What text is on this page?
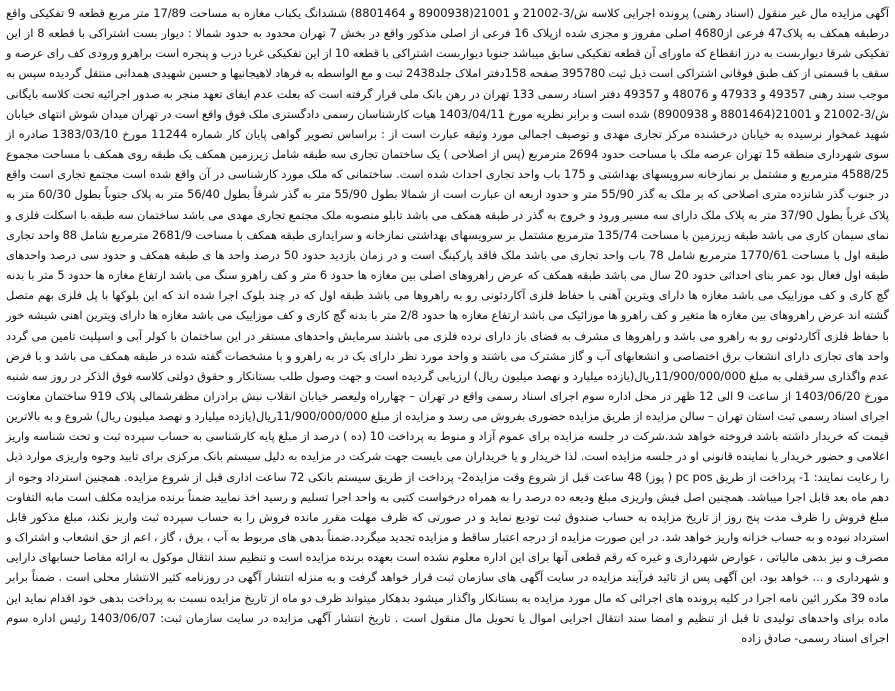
آگهی مزایده مال غیر منقول (اسناد رهنی) پرونده اجرایی کلاسه ش/3-21002 و 21001(8900938 و 8801464) ششدانگ یکباب مغازه به مساحت 17/89 متر مربع قطعه 9 تفکیکی واقع درطبقه همکف به پلاک47 فرعی از4680 اصلی مفروز و مجزی شده ازپلاک 16 فرعی از اصلی مذکور واقع در بخش 7 تهران محدود به حدود شمالا : دیوار بست اشتراکی با قطعه 8 از این تفکیکی شرقا دیواربست به درز انقطاع که ماورای آن قطعه تفکیکی سابق میباشد جنوبا دیواربست اشتراکی با قطعه 10 از این تفکیکی غربا درب و پنجره است براهرو ورودی کف رای عرصه و سقف با قسمتی از کف طبق فوقانی اشتراکی است ذیل ثبت 395780 صفحه 158دفتر املاک جلد2438 ثبت و مع الواسطه به فرهاد لاهیجانیها و حسین شهیدی همدانی منتقل گردیده سپس به موجب سند رهنی 49357 و 47933 و 48076 و 49357 دفتر اسناد رسمی 133 تهران در رهن بانک ملی قرار گرفته است که بعلت عدم ایفای تعهد منجر به صدور اجرائیه تحت کلاسه بایگانی ش/3-21002 و 21001(8801464 و 8900938) شده است و برابر نظریه مورخ 1403/04/11 هیات کارشناسان رسمی دادگستری ملک فوق واقع است در تهران میدان شوش انتهای خیابان شهید غمخوار نرسیده به خیابان درخشنده مرکز تجاری مهدی و توصیف اجمالی مورد وثیقه عبارت است از : براساس تصویر گواهی پایان کار شماره 11244 مورخ 1383/03/10 صادره از سوی شهرداری منطقه 15 تهران عرصه ملک با مساحت حدود 2694 مترمربع (پس از اصلاحی ) یک ساختمان تجاری سه طبقه شامل زیرزمین همکف یک طبقه روی همکف با مساحت مجموع 4588/25 مترمربع و مشتمل بر نمازخانه سرویسهای بهداشتی و 175 باب واحد تجاری احداث شده است. ساختمانی که ملک مورد کارشناسی در آن واقع شده است مجتمع تجاری است واقع در جنوب گذر شانزده متری اصلاحی که بر ملک به گذر 55/90 متر و حدود اربعه ان عبارت است از شمالا بطول 55/90 متر به گذر شرقاً بطول 56/40 متر به پلاک جنوباً بطول 60/30 متر به پلاک غرباً بطول 37/90 متر به پلاک ملک دارای سه مسیر ورود و خروج به گذر در طبقه همکف می باشد تابلو منصوبه ملک مجتمع تجاری مهدی می باشد ساختمان سه طبقه با اسکلت فلزی و نمای سیمان کاری می باشد طبقه زیرزمین با مساحت 135/74 مترمربع مشتمل بر سرویسهای بهداشتی نمازخانه و سرایداری طبقه همکف با مساحت 2681/9 مترمربع شامل 88 واحد تجاری طبقه اول با مساحت 1770/61 مترمربع شامل 78 باب واحد تجاری می باشد ملک فاقد پارکینگ است و در زمان بازدید حدود 50 درصد واحد ها ی طبقه همکف و حدود سی درصد واحدهای طبقه اول فعال بود عمر بنای احداثی حدود 20 سال می باشد طبقه همکف که عرض راهروهای اصلی بین مغازه ها حدود 6 متر و کف راهرو سنگ می باشد ارتفاع مغازه ها حدود 5 متر با بدنه گچ کاری و کف موزاییک می باشد مغازه ها دارای ویترین آهنی با حفاظ فلزی آکاردئونی رو به راهروها می باشد طبقه اول که در چند بلوک اجرا شده اند که این بلوکها با پل فلزی بهم متصل گشته اند عرض راهروهای بین مغازه ها متغیر و کف راهرو ها موزائیک می باشد ارتفاع مغازه ها حدود 2/8 متر با بدنه گچ کاری و کف موزاییک می باشد مغازه ها دارای ویترین اهنی شیشه خور با حفاظ فلزی آکاردئونی رو به راهرو می باشد و راهروها ی مشرف به فضای باز دارای نرده فلزی می باشند سرمایش واحدهای مستقر در این ساختمان با کولر آبی و اسپلیت تامین می گردد واحد های تجاری دارای انشعاب برق اختصاصی و انشعابهای آب و گاز مشترک می باشند و واحد مورد نظر دارای یک در به راهرو و با مشخصات گفته شده در طبقه همکف می باشد و با فرض عدم واگذاری سرقفلی به مبلغ 11/900/000/000ریال(یازده میلیارد و نهصد میلیون ریال) ارزیابی گردیده است و جهت وصول طلب بستانکار و حقوق دولتی کلاسه فوق الذکر در روز سه شنبه مورخ 1403/06/20 از ساعت 9 الی 12 ظهر در محل اداره سوم اجرای اسناد رسمی واقع در تهران – چهارراه ولیعصر خیابان انقلاب نبش برادران مظفرشمالی پلاک 919 ساختمان معاونت اجرای اسناد رسمی ثبت استان تهران – سالن مزایده از طریق مزایده حضوری بفروش می رسد و مزایده از مبلغ 11/900/000/000ریال(یازده میلیارد و نهصد میلیون ریال) شروع و به بالاترین قیمت که خریدار داشته باشد فروخته خواهد شد.شرکت در جلسه مزایده برای عموم آزاد و منوط به پرداخت 10 (ده ) درصد از مبلغ پایه کارشناسی به حساب سپرده ثبت و تحت شناسه واریز اعلامی و حضور خریدار یا نماینده قانونی او در جلسه مزایده است. لذا خریدار و یا خریداران می بایست جهت شرکت در مزایده به دلیل سیستم بانک مرکزی برای تایید وجوه واریزی موارد ذیل را رعایت نمایند: 1- پرداخت از طریق pc pos ( پوز) 48 ساعت قبل از شروع وقت مزایده2- پرداخت از طریق سیستم بانکی 72 ساعت اداری قبل از شروع مزایده. همچنین استرداد وجوه از دهم ماه بعد قابل اجرا میباشد. همچنین اصل فیش واریزی مبلغ ودیعه ده درصد را به همراه درخواست کتبی به واحد اجرا تسلیم و رسید اخذ نمایید ضمناً برنده مزایده مکلف است مابه التفاوت مبلغ فروش را ظرف مدت پنج روز از تاریخ مزایده به حساب صندوق ثبت تودیع نماید و در صورتی که ظرف مهلت مقرر مانده فروش را به حساب سپرده ثبت واریز نکند، مبلغ مذکور قابل استرداد نبوده و به حساب خزانه واریز خواهد شد. در این صورت مزایده از درجه اعتبار ساقط و مزایده تجدید میگردد.ضمناً بدهی های مربوط به آب ، برق ، گاز ، اعم از حق انشعاب و اشتراک و مصرف و نیز بدهی مالیاتی ، عوارض شهرداری و غیره که رقم قطعی آنها برای این اداره معلوم نشده است بعهده برنده مزایده است و تنظیم سند انتقال موکول به ارائه مفاصا حسابهای دارایی و شهرداری و ... خواهد بود. این آگهی پس از تائید فرآیند مزایده در سایت آگهی های سازمان ثبت قرار خواهد گرفت و به منزله انتشار آگهی در روزنامه کثیر الانتشار محلی است . ضمناً برابر ماده 39 مکرر ائین نامه اجرا در کلیه پرونده های اجرائی که مال مورد مزایده به بستانکار واگذار میشود بدهکار میتواند ظرف دو ماه از تاریخ مزایده نسبت به پرداخت بدهی خود اقدام نماید این ماده برای واحدهای تولیدی تا قبل از تنظیم و امضا سند انتقال اجرایی اموال یا تحویل مال منقول است . تاریخ انتشار آگهی مزایده در سایت سازمان ثبت: 1403/06/07 رئیس اداره سوم اجرای اسناد رسمی- صادق زاده
